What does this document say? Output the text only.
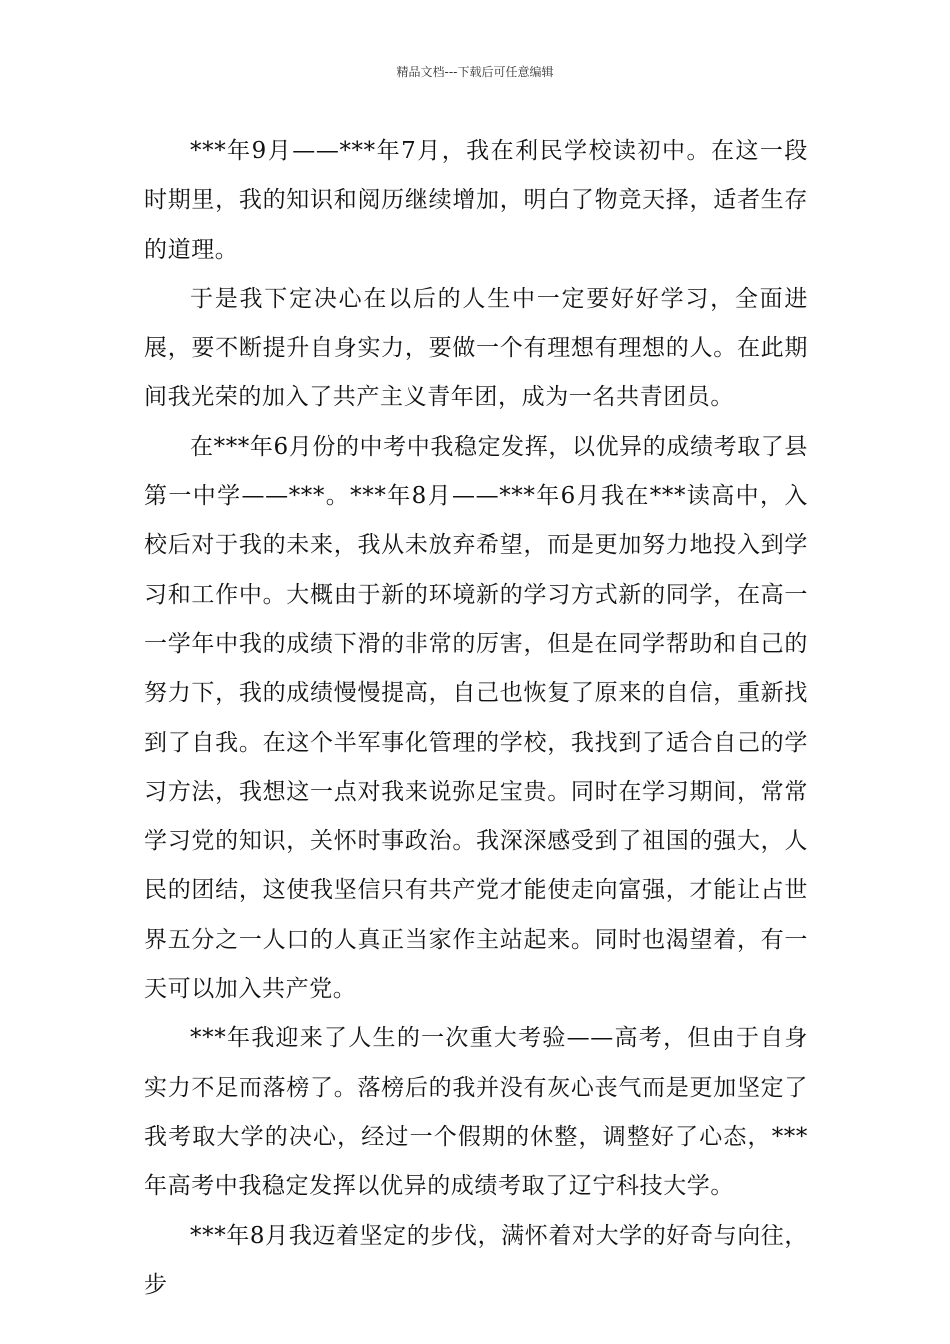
精品文档---下载后可任意编辑

***年9月——***年7月，我在利民学校读初中。在这一段时期里，我的知识和阅历继续增加，明白了物竞天择，适者生存的道理。

于是我下定决心在以后的人生中一定要好好学习，全面进展，要不断提升自身实力，要做一个有理想有理想的人。在此期间我光荣的加入了共产主义青年团，成为一名共青团员。

在***年6月份的中考中我稳定发挥，以优异的成绩考取了县第一中学——***。***年8月——***年6月我在***读高中，入校后对于我的未来，我从未放弃希望，而是更加努力地投入到学习和工作中。大概由于新的环境新的学习方式新的同学，在高一一学年中我的成绩下滑的非常的厉害，但是在同学帮助和自己的努力下，我的成绩慢慢提高，自己也恢复了原来的自信，重新找到了自我。在这个半军事化管理的学校，我找到了适合自己的学习方法，我想这一点对我来说弥足宝贵。同时在学习期间，常常学习党的知识，关怀时事政治。我深深感受到了祖国的强大，人民的团结，这使我坚信只有共产党才能使走向富强，才能让占世界五分之一人口的人真正当家作主站起来。同时也渴望着，有一天可以加入共产党。

***年我迎来了人生的一次重大考验——高考，但由于自身实力不足而落榜了。落榜后的我并没有灰心丧气而是更加坚定了我考取大学的决心，经过一个假期的休整，调整好了心态，***年高考中我稳定发挥以优异的成绩考取了辽宁科技大学。

***年8月我迈着坚定的步伐，满怀着对大学的好奇与向往，步
